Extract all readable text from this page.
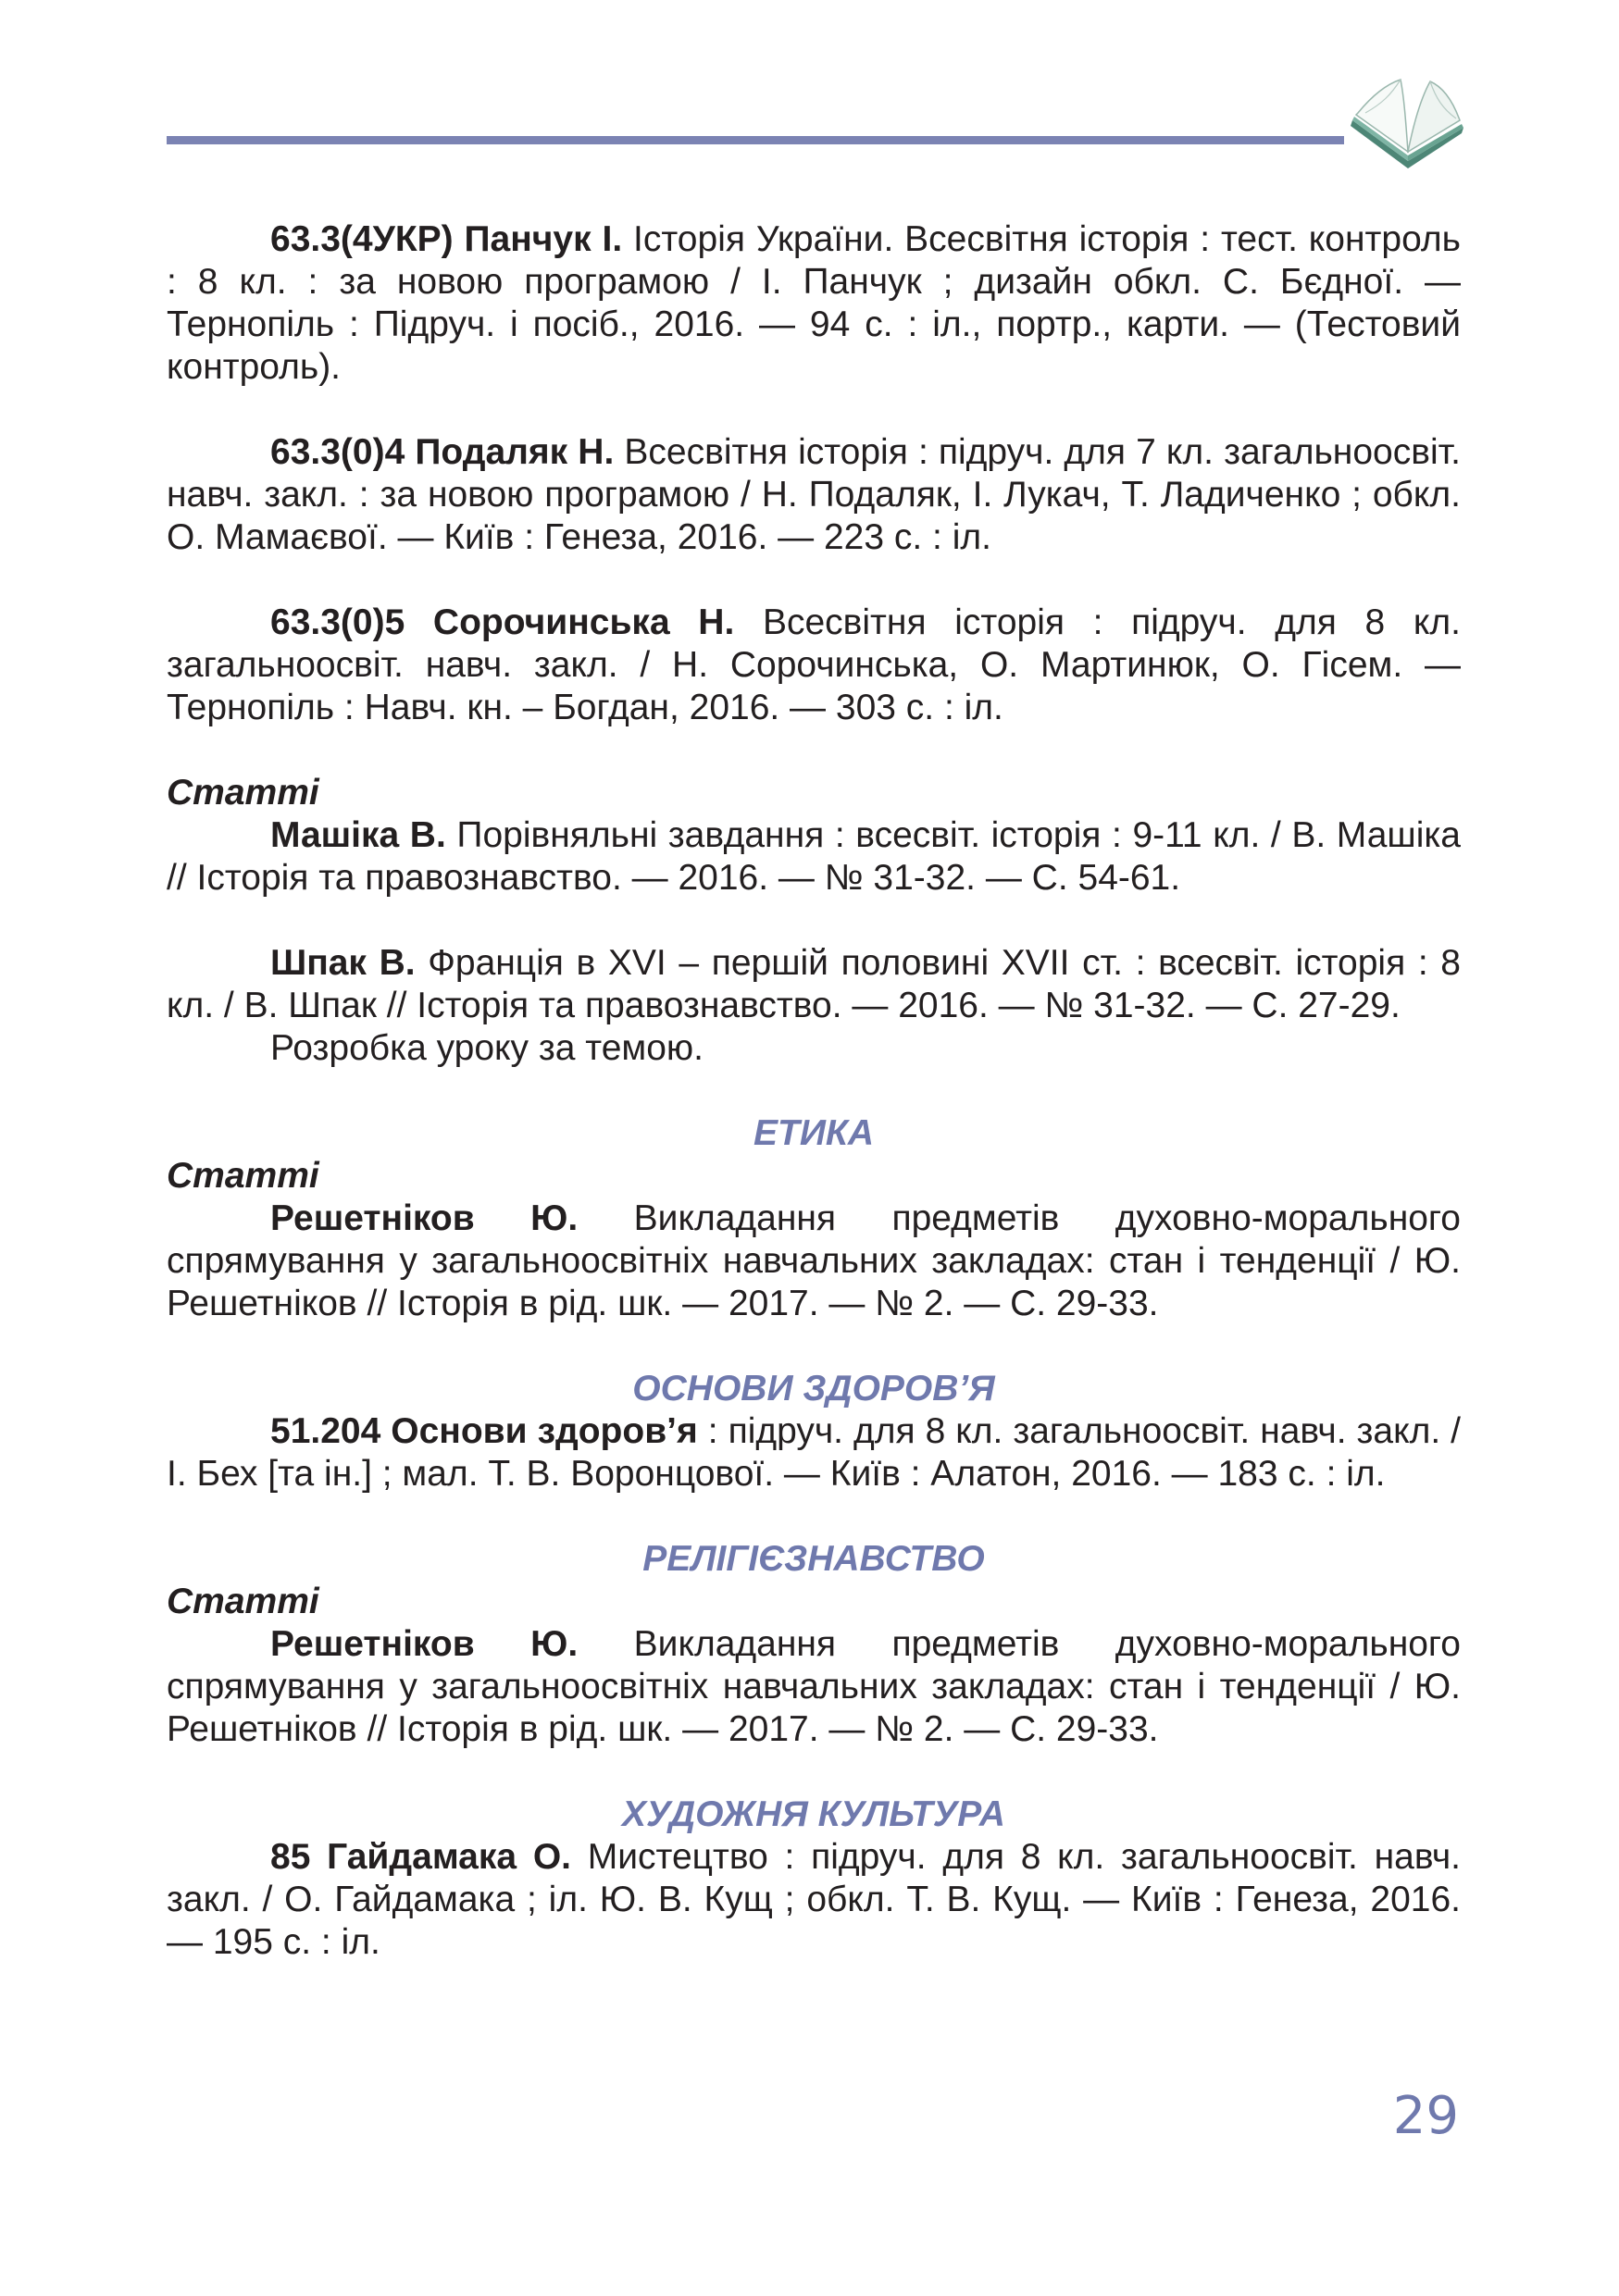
63.3(4УКР) Панчук І. Історія України. Всесвітня історія : тест. контроль : 8 кл. : за новою програмою / І. Панчук ; дизайн обкл. С. Бєдної. — Тернопіль : Підруч. і посіб., 2016. — 94 с. : іл., портр., карти. — (Тестовий контроль).

63.3(0)4 Подаляк Н. Всесвітня історія : підруч. для 7 кл. загальноосвіт. навч. закл. : за новою програмою / Н. Подаляк, І. Лукач, Т. Ладиченко ; обкл. О. Мамаєвої. — Київ : Генеза, 2016. — 223 с. : іл.

63.3(0)5 Сорочинська Н. Всесвітня історія : підруч. для 8 кл. загальноосвіт. навч. закл. / Н. Сорочинська, О. Мартинюк, О. Гісем. — Тернопіль : Навч. кн. – Богдан, 2016. — 303 с. : іл.

Статті

Машіка В. Порівняльні завдання : всесвіт. історія : 9-11 кл. / В. Машіка // Історія та правознавство. — 2016. — № 31-32. — С. 54-61.

Шпак В. Франція в XVI – першій половині XVII ст. : всесвіт. історія : 8 кл. / В. Шпак // Історія та правознавство. — 2016. — № 31-32. — С. 27-29.

Розробка уроку за темою.

ЕТИКА

Статті

Решетніков Ю. Викладання предметів духовно-морального спрямування у загальноосвітніх навчальних закладах: стан і тенденції / Ю. Решетніков // Історія в рід. шк. — 2017. — № 2. — С. 29-33.

ОСНОВИ ЗДОРОВ’Я

51.204 Основи здоров’я : підруч. для 8 кл. загальноосвіт. навч. закл. / І. Бех [та ін.] ; мал. Т. В. Воронцової. — Київ : Алатон, 2016. — 183 с. : іл.

РЕЛІГІЄЗНАВСТВО

Статті

Решетніков Ю. Викладання предметів духовно-морального спрямування у загальноосвітніх навчальних закладах: стан і тенденції / Ю. Решетніков // Історія в рід. шк. — 2017. — № 2. — С. 29-33.

ХУДОЖНЯ КУЛЬТУРА

85 Гайдамака О. Мистецтво : підруч. для 8 кл. загальноосвіт. навч. закл. / О. Гайдамака ; іл. Ю. В. Кущ ; обкл. Т. В. Кущ. — Київ : Генеза, 2016. — 195 с. : іл.

29
